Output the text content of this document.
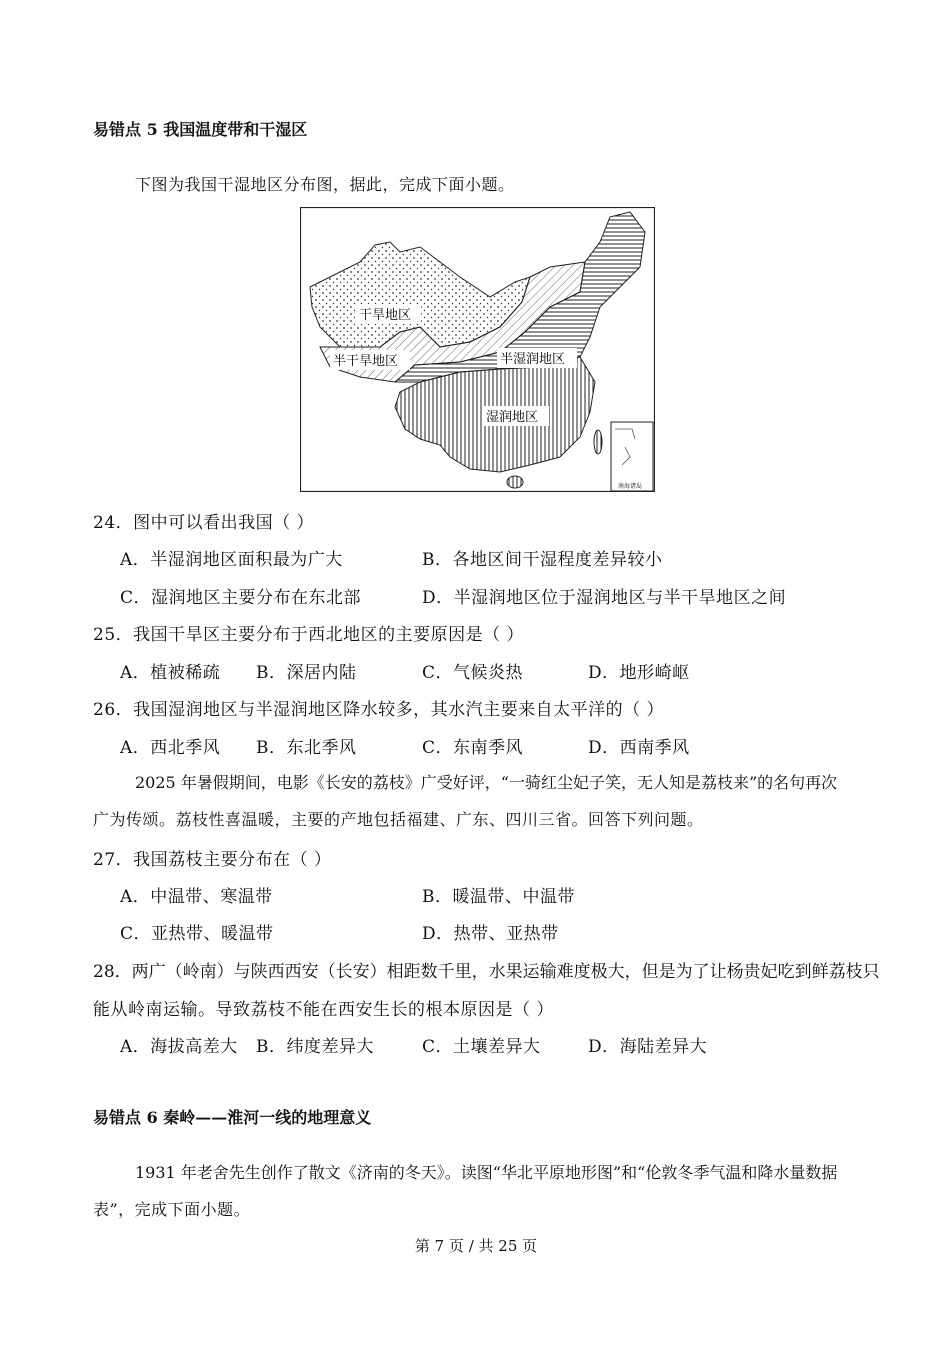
易错点 5 我国温度带和干湿区
下图为我国干湿地区分布图，据此，完成下面小题。
干旱地区
半干旱地区	半湿润地区
湿润地区
南海诸岛
24．图中可以看出我国（ ）
A．半湿润地区面积最为广大	B．各地区间干湿程度差异较小
C．湿润地区主要分布在东北部	D．半湿润地区位于湿润地区与半干旱地区之间
25．我国干旱区主要分布于西北地区的主要原因是（ ）
A．植被稀疏 B．深居内陆	C．气候炎热	D．地形崎岖
26．我国湿润地区与半湿润地区降水较多，其水汽主要来自太平洋的（ ）
A．西北季风 B．东北季风	C．东南季风	D．西南季风
2025 年暑假期间，电影《长安的荔枝》广受好评，“一骑红尘妃子笑，无人知是荔枝来”的名句再次
广为传颂。荔枝性喜温暖，主要的产地包括福建、广东、四川三省。回答下列问题。
27．我国荔枝主要分布在（ ）
A．中温带、寒温带	B．暖温带、中温带
C．亚热带、暖温带	D．热带、亚热带
28．两广（岭南）与陕西西安（长安）相距数千里，水果运输难度极大，但是为了让杨贵妃吃到鲜荔枝只
能从岭南运输。导致荔枝不能在西安生长的根本原因是（ ）
A．海拔高差大 B．纬度差异大	C．土壤差异大	D．海陆差异大
易错点 6 秦岭——淮河一线的地理意义
1931 年老舍先生创作了散文《济南的冬天》。读图“华北平原地形图”和“伦敦冬季气温和降水量数据
表”，完成下面小题。
第 7 页 / 共 25 页
